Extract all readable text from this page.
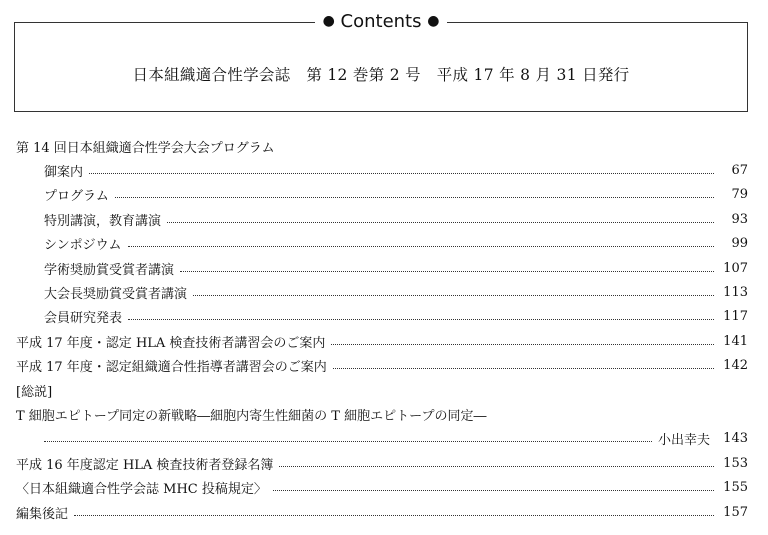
● Contents ●
日本組織適合性学会誌　第 12 巻第 2 号　平成 17 年 8 月 31 日発行
第 14 回日本組織適合性学会大会プログラム
御案内	67
プログラム	79
特別講演，教育講演	93
シンポジウム	99
学術奨励賞受賞者講演	107
大会長奨励賞受賞者講演	113
会員研究発表	117
平成 17 年度・認定 HLA 検査技術者講習会のご案内	141
平成 17 年度・認定組織適合性指導者講習会のご案内	142
[総説]
T 細胞エピトープ同定の新戦略―細胞内寄生性細菌の T 細胞エピトープの同定―
小出幸夫 143
平成 16 年度認定 HLA 検査技術者登録名簿	153
〈日本組織適合性学会誌 MHC 投稿規定〉	155
編集後記	157
